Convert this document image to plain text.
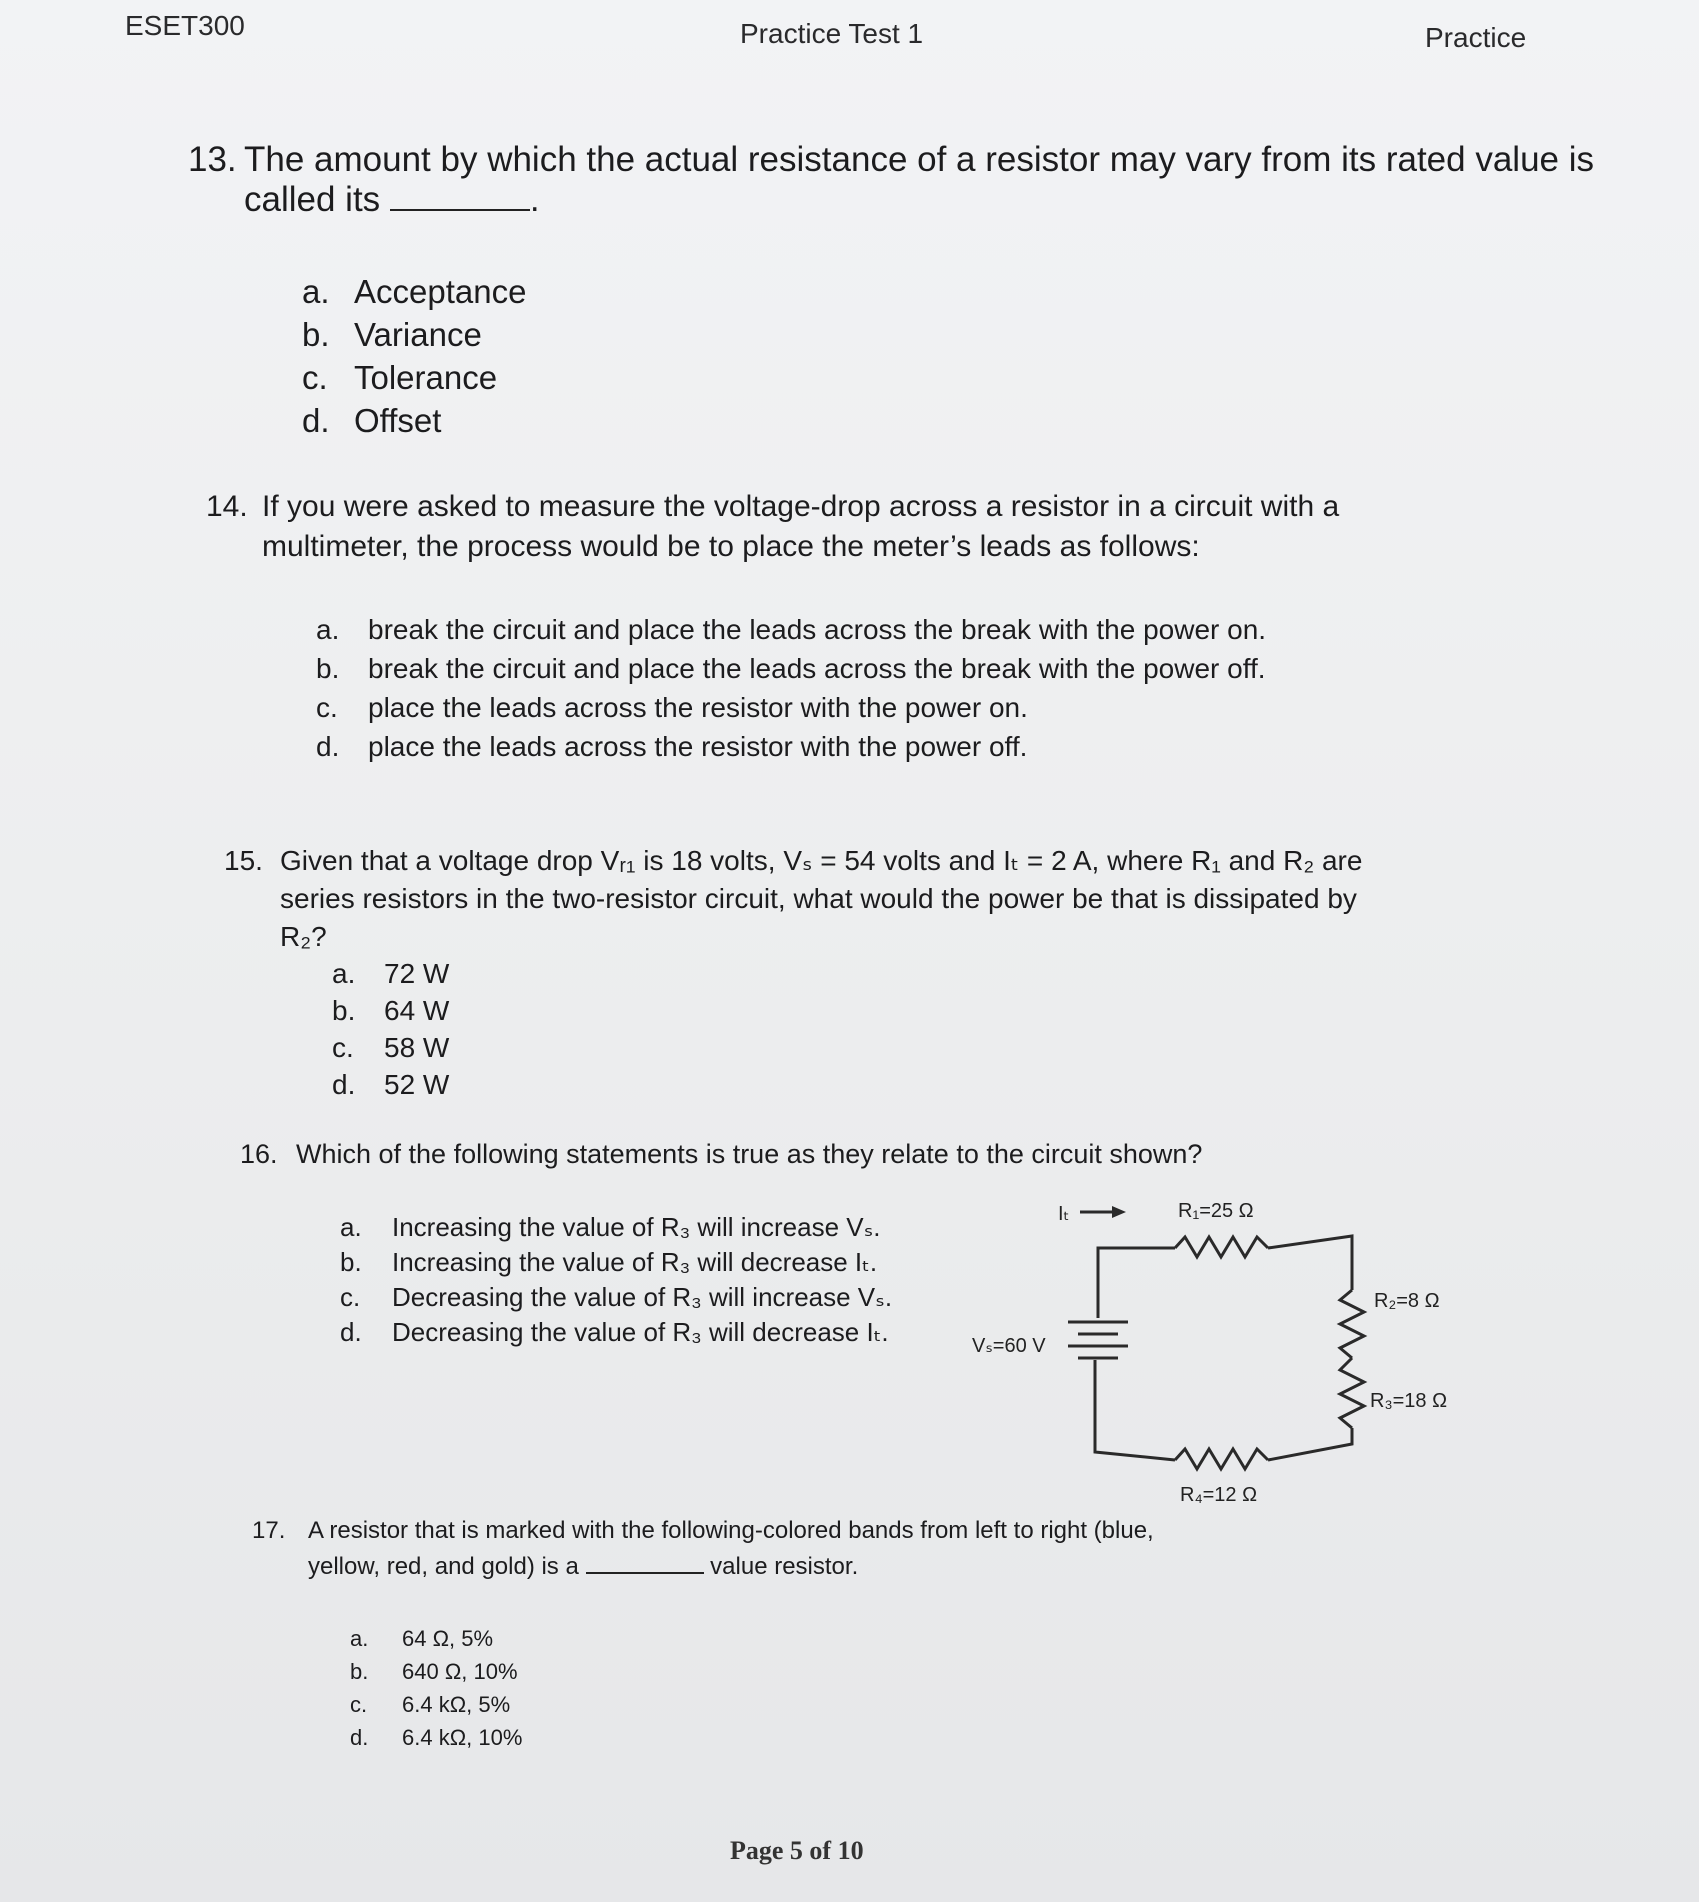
ESET300	Practice Test 1	Practice
13. The amount by which the actual resistance of a resistor may vary from its rated value is
called its	.
a. Acceptance
b. Variance
c. Tolerance
d. Offset
14. If you were asked to measure the voltage-drop across a resistor in a circuit with a
multimeter, the process would be to place the meter’s leads as follows:
a.	break the circuit and place the leads across the break with the power on.
b.	break the circuit and place the leads across the break with the power off.
c.	place the leads across the resistor with the power on.
d.	place the leads across the resistor with the power off.
15. Given that a voltage drop Vᵣ₁ is 18 volts, Vₛ = 54 volts and Iₜ = 2 A, where R₁ and R₂ are
series resistors in the two-resistor circuit, what would the power be that is dissipated by
R₂?
a.	72 W
b.	64 W
c.	58 W
d.	52 W
16. Which of the following statements is true as they relate to the circuit shown?
a.	Increasing the value of R₃ will increase Vₛ.
b.	Increasing the value of R₃ will decrease Iₜ.
c.	Decreasing the value of R₃ will increase Vₛ.
d.	Decreasing the value of R₃ will decrease Iₜ.
Iₜ	R₁=25 Ω
R₂=8 Ω
R₃=18 Ω
R₄=12 Ω
Vₛ=60 V
17. A resistor that is marked with the following-colored bands from left to right (blue,
yellow, red, and gold) is a	value resistor.
a.	64 Ω, 5%
b.	640 Ω, 10%
c.	6.4 kΩ, 5%
d.	6.4 kΩ, 10%
Page 5 of 10
